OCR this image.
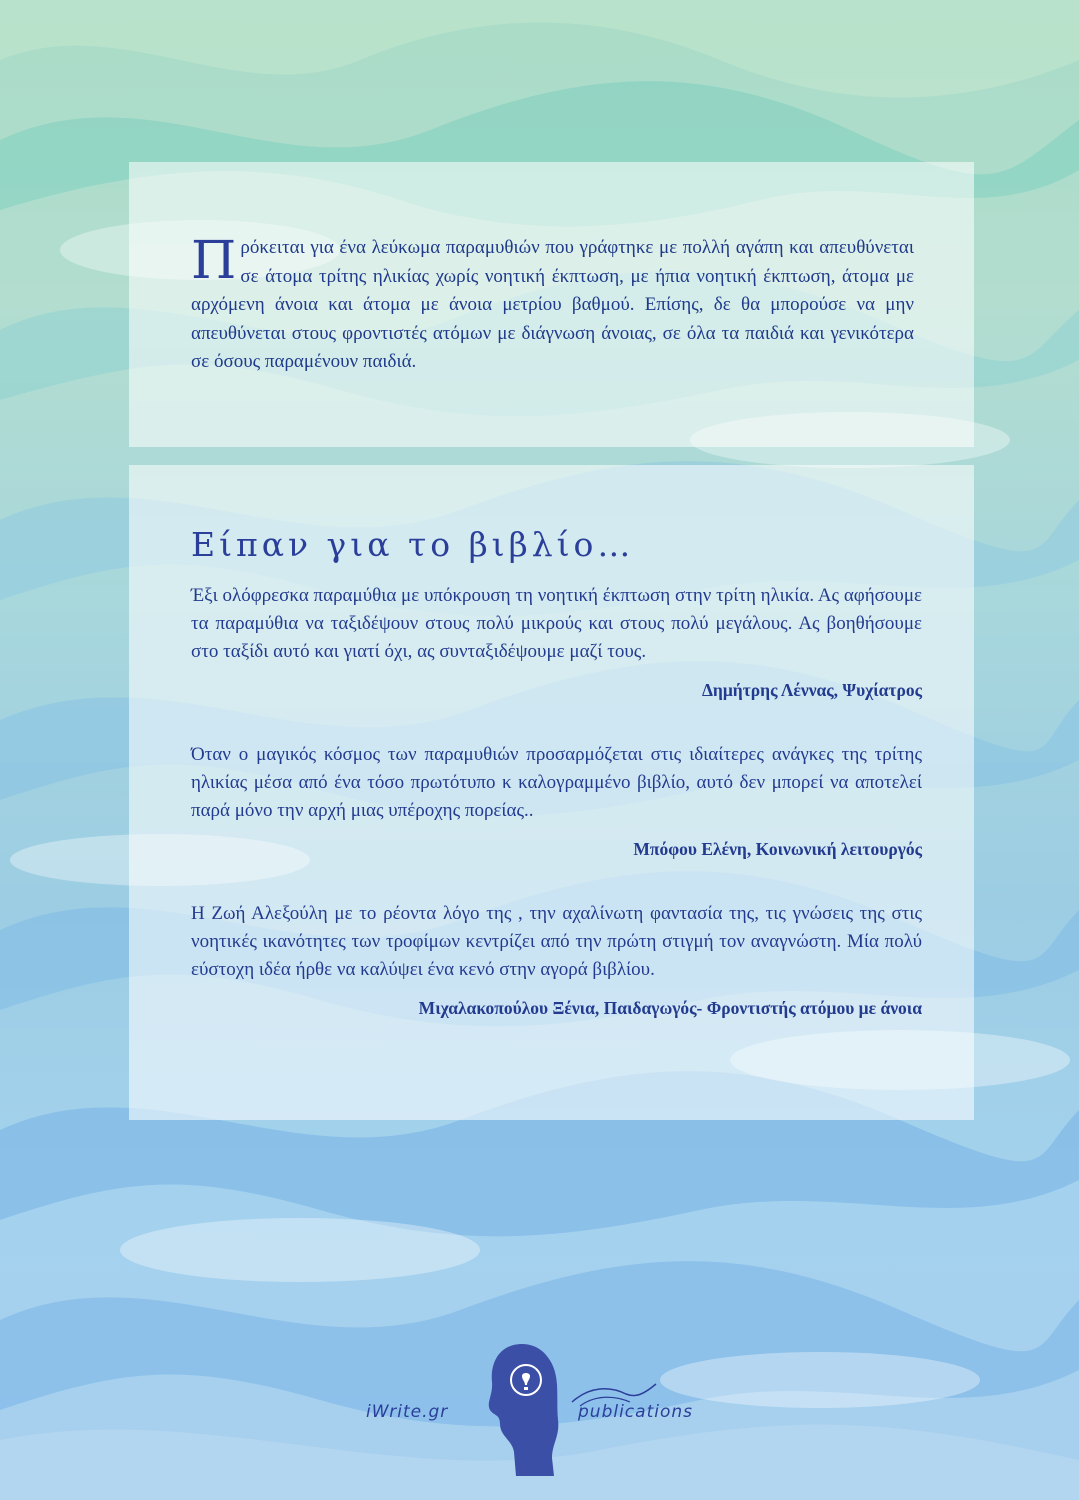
Πρόκειται για ένα λεύκωμα παραμυθιών που γράφτηκε με πολλή αγάπη και απευθύνεται σε άτομα τρίτης ηλικίας χωρίς νοητική έκπτωση, με ήπια νοητική έκπτωση, άτομα με αρχόμενη άνοια και άτομα με άνοια μετρίου βαθμού. Επίσης, δε θα μπορούσε να μην απευθύνεται στους φροντιστές ατόμων με διάγνωση άνοιας, σε όλα τα παιδιά και γενικότερα σε όσους παραμένουν παιδιά.

Είπαν για το βιβλίο…

Έξι ολόφρεσκα παραμύθια με υπόκρουση τη νοητική έκπτωση στην τρίτη ηλικία. Ας αφήσουμε τα παραμύθια να ταξιδέψουν στους πολύ μικρούς και στους πολύ μεγάλους. Ας βοηθήσουμε στο ταξίδι αυτό και γιατί όχι, ας συνταξιδέψουμε μαζί τους.

Δημήτρης Λέννας, Ψυχίατρος

Όταν ο μαγικός κόσμος των παραμυθιών προσαρμόζεται στις ιδιαίτερες ανάγκες της τρίτης ηλικίας μέσα από ένα τόσο πρωτότυπο κ καλογραμμένο βιβλίο, αυτό δεν μπορεί να αποτελεί παρά μόνο την αρχή μιας υπέροχης πορείας..

Μπόφου Ελένη, Κοινωνική λειτουργός

Η Ζωή Αλεξούλη με το ρέοντα λόγο της , την αχαλίνωτη φαντασία της, τις γνώσεις της στις νοητικές ικανότητες των τροφίμων κεντρίζει από την πρώτη στιγμή τον αναγνώστη. Μία πολύ εύστοχη ιδέα ήρθε να καλύψει ένα κενό στην αγορά βιβλίου.

Μιχαλακοπούλου Ξένια, Παιδαγωγός- Φροντιστής ατόμου με άνοια

iWrite.gr	publications
